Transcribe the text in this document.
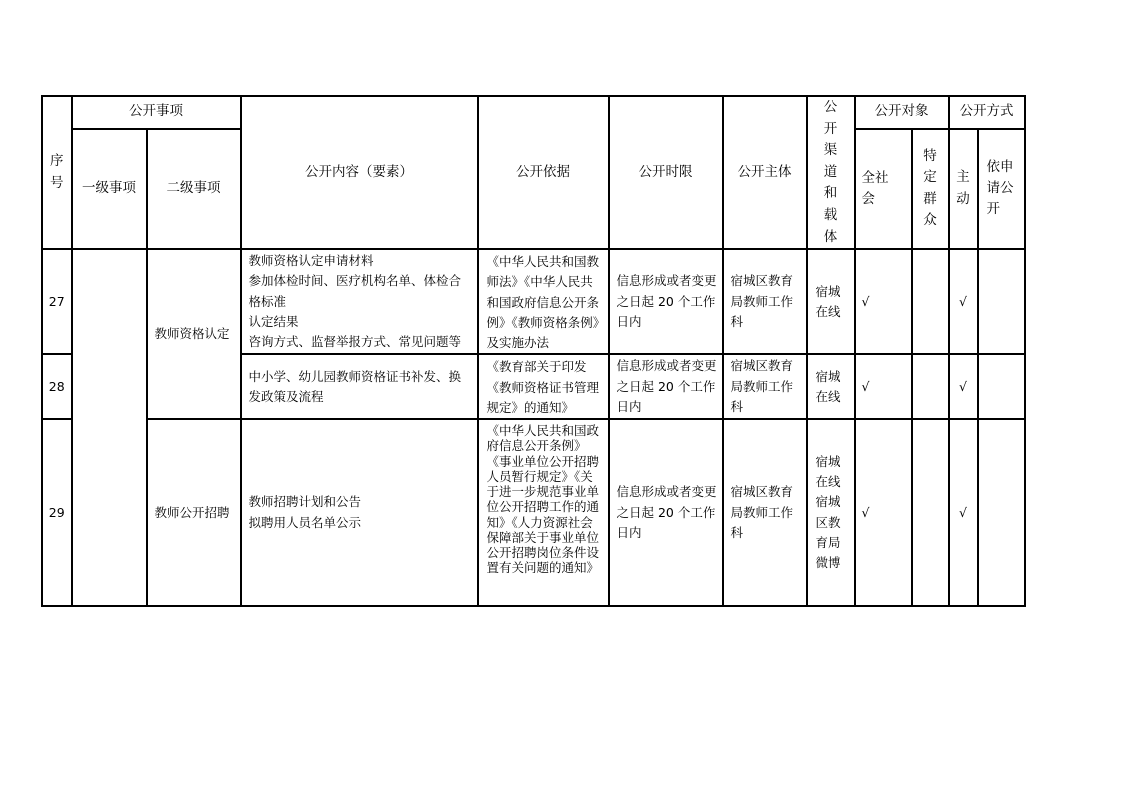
序号	公开事项		公开内容（要素）	公开依据	公开时限	公开主体	公开渠道和载体	公开对象		公开方式	
	一级事项	二级事项						全社会	特定群众	主动	依申请公开
27		教师资格认定	教师资格认定申请材料
参加体检时间、医疗机构名单、体检合
格标准
认定结果
咨询方式、监督举报方式、常见问题等	《中华人民共和国教师法》《中华人民共和国政府信息公开条例》《教师资格条例》及实施办法	信息形成或者变更之日起 20 个工作日内	宿城区教育局教师工作科	宿城在线	√		√	
28			中小学、幼儿园教师资格证书补发、换
发政策及流程	《教育部关于印发《教师资格证书管理规定》的通知》	信息形成或者变更之日起 20 个工作日内	宿城区教育局教师工作科	宿城在线	√		√	
29		教师公开招聘	教师招聘计划和公告
拟聘用人员名单公示	《中华人民共和国政府信息公开条例》《事业单位公开招聘人员暂行规定》《关于进一步规范事业单位公开招聘工作的通知》《人力资源社会保障部关于事业单位公开招聘岗位条件设置有关问题的通知》	信息形成或者变更之日起 20 个工作日内	宿城区教育局教师工作科	宿城在线宿城区教育局微博	√		√	
